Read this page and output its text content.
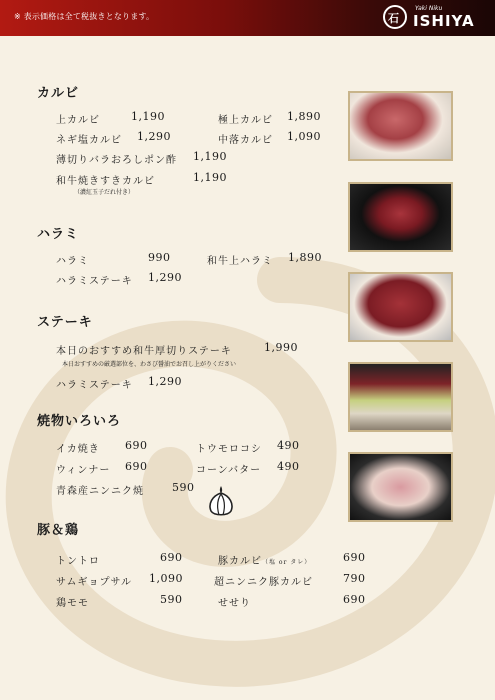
※ 表示価格は全て税抜きとなります。	石
Yaki Niku
ISHIYA
カルビ
上カルビ	1,190	極上カルビ 1,890
ネギ塩カルビ 1,290	中落カルビ 1,090
薄切りバラおろしポン酢 1,190
和牛焼きすきカルビ	1,190
（濃紅玉子だれ付き）
ハラミ
ハラミ	990	和牛上ハラミ 1,890
ハラミステーキ 1,290
ステーキ
本日のおすすめ和牛厚切りステーキ	1,990
本日おすすめの厳選部位を、わさび醤油でお召し上がりください
ハラミステーキ 1,290
焼物いろいろ
イカ焼き 690	トウモロコシ 490
ウィンナー 690	コーンバター 490
青森産ニンニク焼	590
豚＆鶏
トントロ	690	豚カルビ（塩 or タレ）	690
サムギョプサル 1,090	超ニンニク豚カルビ	790
鶏モモ	590	せせり	690
